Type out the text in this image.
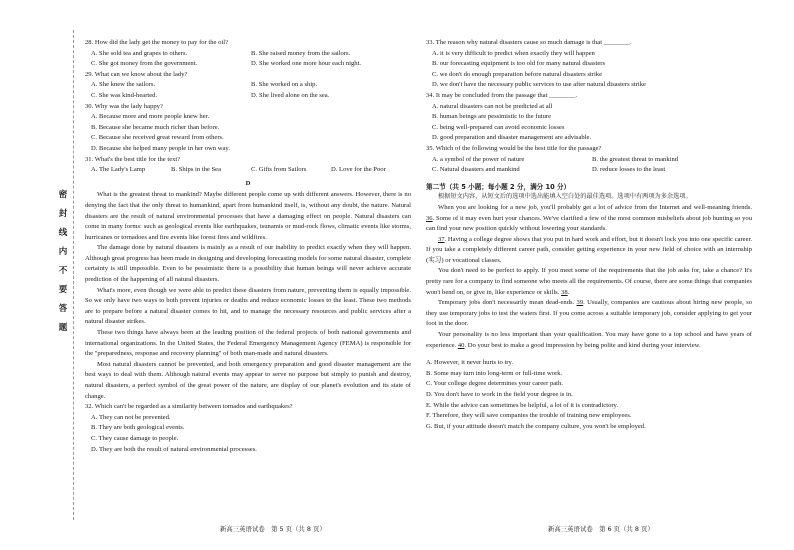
密
封
线
内
不
要
答
题

28. How did the lady get the money to pay for the oil?

A. She sold tea and grapes to others.	B. She raised money from the sailors.
C. She got money from the government.	D. She worked one more hour each night.

29. What can we know about the lady?

A. She knew the sailors.	B. She worked on a ship.
C. She was kind-hearted.	D. She lived alone on the sea.

30. Why was the lady happy?

A. Because more and more people knew her.
B. Because she became much richer than before.
C. Because she received great reward from others.
D. Because she helped many people in her own way.

31. What's the best title for the text?

A. The Lady's Lamp	B. Ships in the Sea	C. Gifts from Sailors	D. Love for the Poor
D

What is the greatest threat to mankind? Maybe different people come up with different answers. However, there is no denying the fact that the only threat to humankind, apart from humankind itself, is, without any doubt, the nature. Natural disasters are the result of natural environmental processes that have a damaging effect on people. Natural disasters can come in many forms: such as geological events like earthquakes, tsunamis or mud-rock flows, climatic events like storms, hurricanes or tornadoes and fire events like forest fires and wildfires.

The damage done by natural disasters is mainly as a result of our inability to predict exactly when they will happen. Although great progress has been made in designing and developing forecasting models for some natural disaster, complete certainty is still impossible. Even to be pessimistic there is a possibility that human beings will never achieve accurate prediction of the happening of all natural disasters.

What's more, even though we were able to predict these disasters from nature, preventing them is equally impossible. So we only have two ways to both prevent injuries or deaths and reduce economic losses to the least. These two methods are to prepare before a natural disaster comes to hit, and to manage the necessary resources and public services after a natural disaster strikes.

These two things have always been at the leading position of the federal projects of both national governments and international organizations. In the United States, the Federal Emergency Management Agency (FEMA) is responsible for the "preparedness, response and recovery planning" of both man-made and natural disasters.

Most natural disasters cannot be prevented, and both emergency preparation and good disaster management are the best ways to deal with them. Although natural events may appear to serve no purpose but simply to punish and destroy, natural disasters, a perfect symbol of the great power of the nature, are display of our planet's evolution and its state of change.

32. Which can't be regarded as a similarity between tornados and earthquakes?

A. They can not be prevented.
B. They are both geological events.
C. They cause damage to people.
D. They are both the result of natural environmental processes.

33. The reason why natural disasters cause so much damage is that ________.

A. it is very difficult to predict when exactly they will happen
B. our forecasting equipment is too old for many natural disasters
C. we don't do enough preparation before natural disasters strike
D. we don't have the necessary public services to use after natural disasters strike

34. It may be concluded from the passage that ________.

A. natural disasters can not be predicted at all
B. human beings are pessimistic to the future
C. being well-prepared can avoid economic losses
D. good preparation and disaster management are advisable.

35. Which of the following would be the best title for the passage?

A. a symbol of the power of nature	B. the greatest threat to mankind
C. Natural disasters and mankind	D. reduce losses to the least
第二节（共 5 小题；每小题 2 分，满分 10 分）

根据短文内容，从短文后的选项中选出能填入空白处的最佳选项。选项中有两项为多余选项。

When you are looking for a new job, you'll probably get a lot of advice from the Internet and well-meaning friends. 36. Some of it may even hurt your chances. We've clarified a few of the most common misbeliefs about job hunting so you can find your new position quickly without lowering your standards.

37. Having a college degree shows that you put in hard work and effort, but it doesn't lock you into one specific career. If you take a completely different career path, consider getting experience in your new field of choice with an internship (实习) or vocational classes.

You don't need to be perfect to apply. If you meet some of the requirements that the job asks for, take a chance? It's pretty rare for a company to find someone who meets all the requirements. Of course, there are some things that companies won't bend on, or give in, like experience or skills. 38.

Temporary jobs don't necessarily mean dead-ends. 39. Usually, companies are cautious about hiring new people, so they use temporary jobs to test the waters first. If you come across a suitable temporary job, consider applying to get your foot in the door.

Your personality is no less important than your qualification. You may have gone to a top school and have years of experience. 40. Do your best to make a good impression by being polite and kind during your interview.

A. However, it never hurts to try.
B. Some may turn into long-term or full-time work.
C. Your college degree determines your career path.
D. You don't have to work in the field your degree is in.
E. While the advice can sometimes be helpful, a lot of it is contradictory.
F. Therefore, they will save companies the trouble of training new employees.
G. But, if your attitude doesn't match the company culture, you won't be employed.
新高三英语试卷　第 5 页（共 8 页）	新高三英语试卷　第 6 页（共 8 页）
